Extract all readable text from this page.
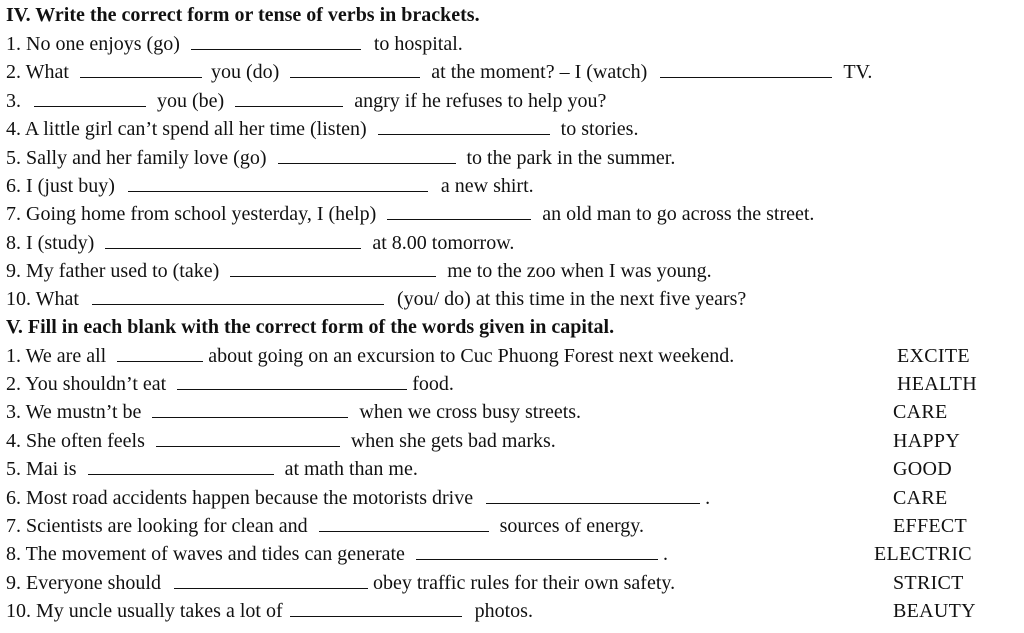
IV. Write the correct form or tense of verbs in brackets.
1. No one enjoys (go)	to hospital.
2. What	you (do)	at the moment? – I (watch)	TV.
3.	you (be)	angry if he refuses to help you?
4. A little girl can’t spend all her time (listen)	to stories.
5. Sally and her family love (go)	to the park in the summer.
6. I (just buy)	a new shirt.
7. Going home from school yesterday, I (help)	an old man to go across the street.
8. I (study)	at 8.00 tomorrow.
9. My father used to (take)	me to the zoo when I was young.
10. What	(you/ do) at this time in the next five years?
V. Fill in each blank with the correct form of the words given in capital.
1. We are all	about going on an excursion to Cuc Phuong Forest next weekend.	EXCITE
2. You shouldn’t eat	food.	HEALTH
3. We mustn’t be	when we cross busy streets.	CARE
4. She often feels	when she gets bad marks.	HAPPY
5. Mai is	at math than me.	GOOD
6. Most road accidents happen because the motorists drive	.	CARE
7. Scientists are looking for clean and	sources of energy.	EFFECT
8. The movement of waves and tides can generate	.	ELECTRIC
9. Everyone should	obey traffic rules for their own safety.	STRICT
10. My uncle usually takes a lot of	photos.	BEAUTY
